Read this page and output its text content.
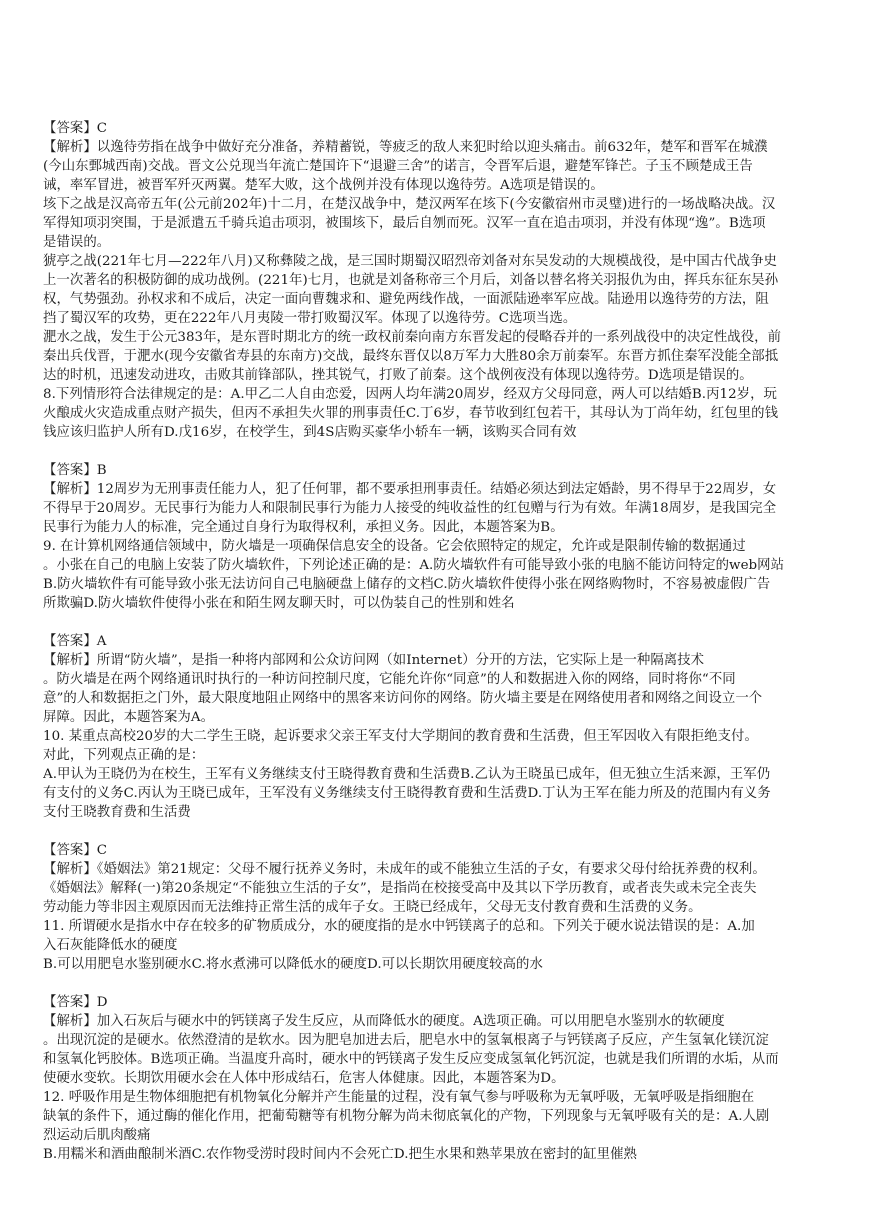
【答案】C
【解析】以逸待劳指在战争中做好充分准备，养精蓄锐，等疲乏的敌人来犯时给以迎头痛击。前632年，楚军和晋军在城濮
(今山东鄄城西南)交战。晋文公兑现当年流亡楚国许下“退避三舍”的诺言，令晋军后退，避楚军锋芒。子玉不顾楚成王告
诫，率军冒进，被晋军歼灭两翼。楚军大败，这个战例并没有体现以逸待劳。A选项是错误的。
垓下之战是汉高帝五年(公元前202年)十二月，在楚汉战争中，楚汉两军在垓下(今安徽宿州市灵璧)进行的一场战略决战。汉
军得知项羽突围，于是派遣五千骑兵追击项羽，被围垓下，最后自刎而死。汉军一直在追击项羽，并没有体现“逸”。B选项
是错误的。
猇亭之战(221年七月—222年八月)又称彝陵之战，是三国时期蜀汉昭烈帝刘备对东吴发动的大规模战役，是中国古代战争史
上一次著名的积极防御的成功战例。(221年)七月，也就是刘备称帝三个月后，刘备以替名将关羽报仇为由，挥兵东征东吴孙
权，气势强劲。孙权求和不成后，决定一面向曹魏求和、避免两线作战，一面派陆逊率军应战。陆逊用以逸待劳的方法，阻
挡了蜀汉军的攻势，更在222年八月夷陵一带打败蜀汉军。体现了以逸待劳。C选项当选。
淝水之战，发生于公元383年，是东晋时期北方的统一政权前秦向南方东晋发起的侵略吞并的一系列战役中的决定性战役，前
秦出兵伐晋，于淝水(现今安徽省寿县的东南方)交战，最终东晋仅以8万军力大胜80余万前秦军。东晋方抓住秦军没能全部抵
达的时机，迅速发动进攻，击败其前锋部队，挫其锐气，打败了前秦。这个战例夜没有体现以逸待劳。D选项是错误的。
8.下列情形符合法律规定的是：A.甲乙二人自由恋爱，因两人均年满20周岁，经双方父母同意，两人可以结婚B.丙12岁，玩
火酿成火灾造成重点财产损失，但丙不承担失火罪的刑事责任C.丁6岁，春节收到红包若干，其母认为丁尚年幼，红包里的钱
钱应该归监护人所有D.戊16岁，在校学生，到4S店购买豪华小轿车一辆，该购买合同有效
【答案】B
【解析】12周岁为无刑事责任能力人，犯了任何罪，都不要承担刑事责任。结婚必须达到法定婚龄，男不得早于22周岁，女
不得早于20周岁。无民事行为能力人和限制民事行为能力人接受的纯收益性的红包赠与行为有效。年满18周岁，是我国完全
民事行为能力人的标准，完全通过自身行为取得权利，承担义务。因此，本题答案为B。
9. 在计算机网络通信领域中，防火墙是一项确保信息安全的设备。它会依照特定的规定，允许或是限制传输的数据通过
。小张在自己的电脑上安装了防火墙软件，下列论述正确的是：A.防火墙软件有可能导致小张的电脑不能访问特定的web网站
B.防火墙软件有可能导致小张无法访问自己电脑硬盘上储存的文档C.防火墙软件使得小张在网络购物时，不容易被虚假广告
所欺骗D.防火墙软件使得小张在和陌生网友聊天时，可以伪装自己的性别和姓名
【答案】A
【解析】所谓“防火墙”，是指一种将内部网和公众访问网（如Internet）分开的方法，它实际上是一种隔离技术
。防火墙是在两个网络通讯时执行的一种访问控制尺度，它能允许你“同意”的人和数据进入你的网络，同时将你“不同
意”的人和数据拒之门外，最大限度地阻止网络中的黑客来访问你的网络。防火墙主要是在网络使用者和网络之间设立一个
屏障。因此，本题答案为A。
10. 某重点高校20岁的大二学生王晓，起诉要求父亲王军支付大学期间的教育费和生活费，但王军因收入有限拒绝支付。
对此，下列观点正确的是：
A.甲认为王晓仍为在校生，王军有义务继续支付王晓得教育费和生活费B.乙认为王晓虽已成年，但无独立生活来源，王军仍
有支付的义务C.丙认为王晓已成年，王军没有义务继续支付王晓得教育费和生活费D.丁认为王军在能力所及的范围内有义务
支付王晓教育费和生活费
【答案】C
【解析】《婚姻法》第21规定：父母不履行抚养义务时，未成年的或不能独立生活的子女，有要求父母付给抚养费的权利。
《婚姻法》解释(一)第20条规定“不能独立生活的子女”，是指尚在校接受高中及其以下学历教育，或者丧失或未完全丧失
劳动能力等非因主观原因而无法维持正常生活的成年子女。王晓已经成年，父母无支付教育费和生活费的义务。
11. 所谓硬水是指水中存在较多的矿物质成分，水的硬度指的是水中钙镁离子的总和。下列关于硬水说法错误的是：A.加
入石灰能降低水的硬度
B.可以用肥皂水鉴别硬水C.将水煮沸可以降低水的硬度D.可以长期饮用硬度较高的水
【答案】D
【解析】加入石灰后与硬水中的钙镁离子发生反应，从而降低水的硬度。A选项正确。可以用肥皂水鉴别水的软硬度
。出现沉淀的是硬水。依然澄清的是软水。因为肥皂加进去后，肥皂水中的氢氧根离子与钙镁离子反应，产生氢氧化镁沉淀
和氢氧化钙胶体。B选项正确。当温度升高时，硬水中的钙镁离子发生反应变成氢氧化钙沉淀，也就是我们所谓的水垢，从而
使硬水变软。长期饮用硬水会在人体中形成结石，危害人体健康。因此，本题答案为D。
12. 呼吸作用是生物体细胞把有机物氧化分解并产生能量的过程，没有氧气参与呼吸称为无氧呼吸，无氧呼吸是指细胞在
缺氧的条件下，通过酶的催化作用，把葡萄糖等有机物分解为尚未彻底氧化的产物，下列现象与无氧呼吸有关的是：A.人剧
烈运动后肌肉酸痛
B.用糯米和酒曲酿制米酒C.农作物受涝时段时间内不会死亡D.把生水果和熟苹果放在密封的缸里催熟
